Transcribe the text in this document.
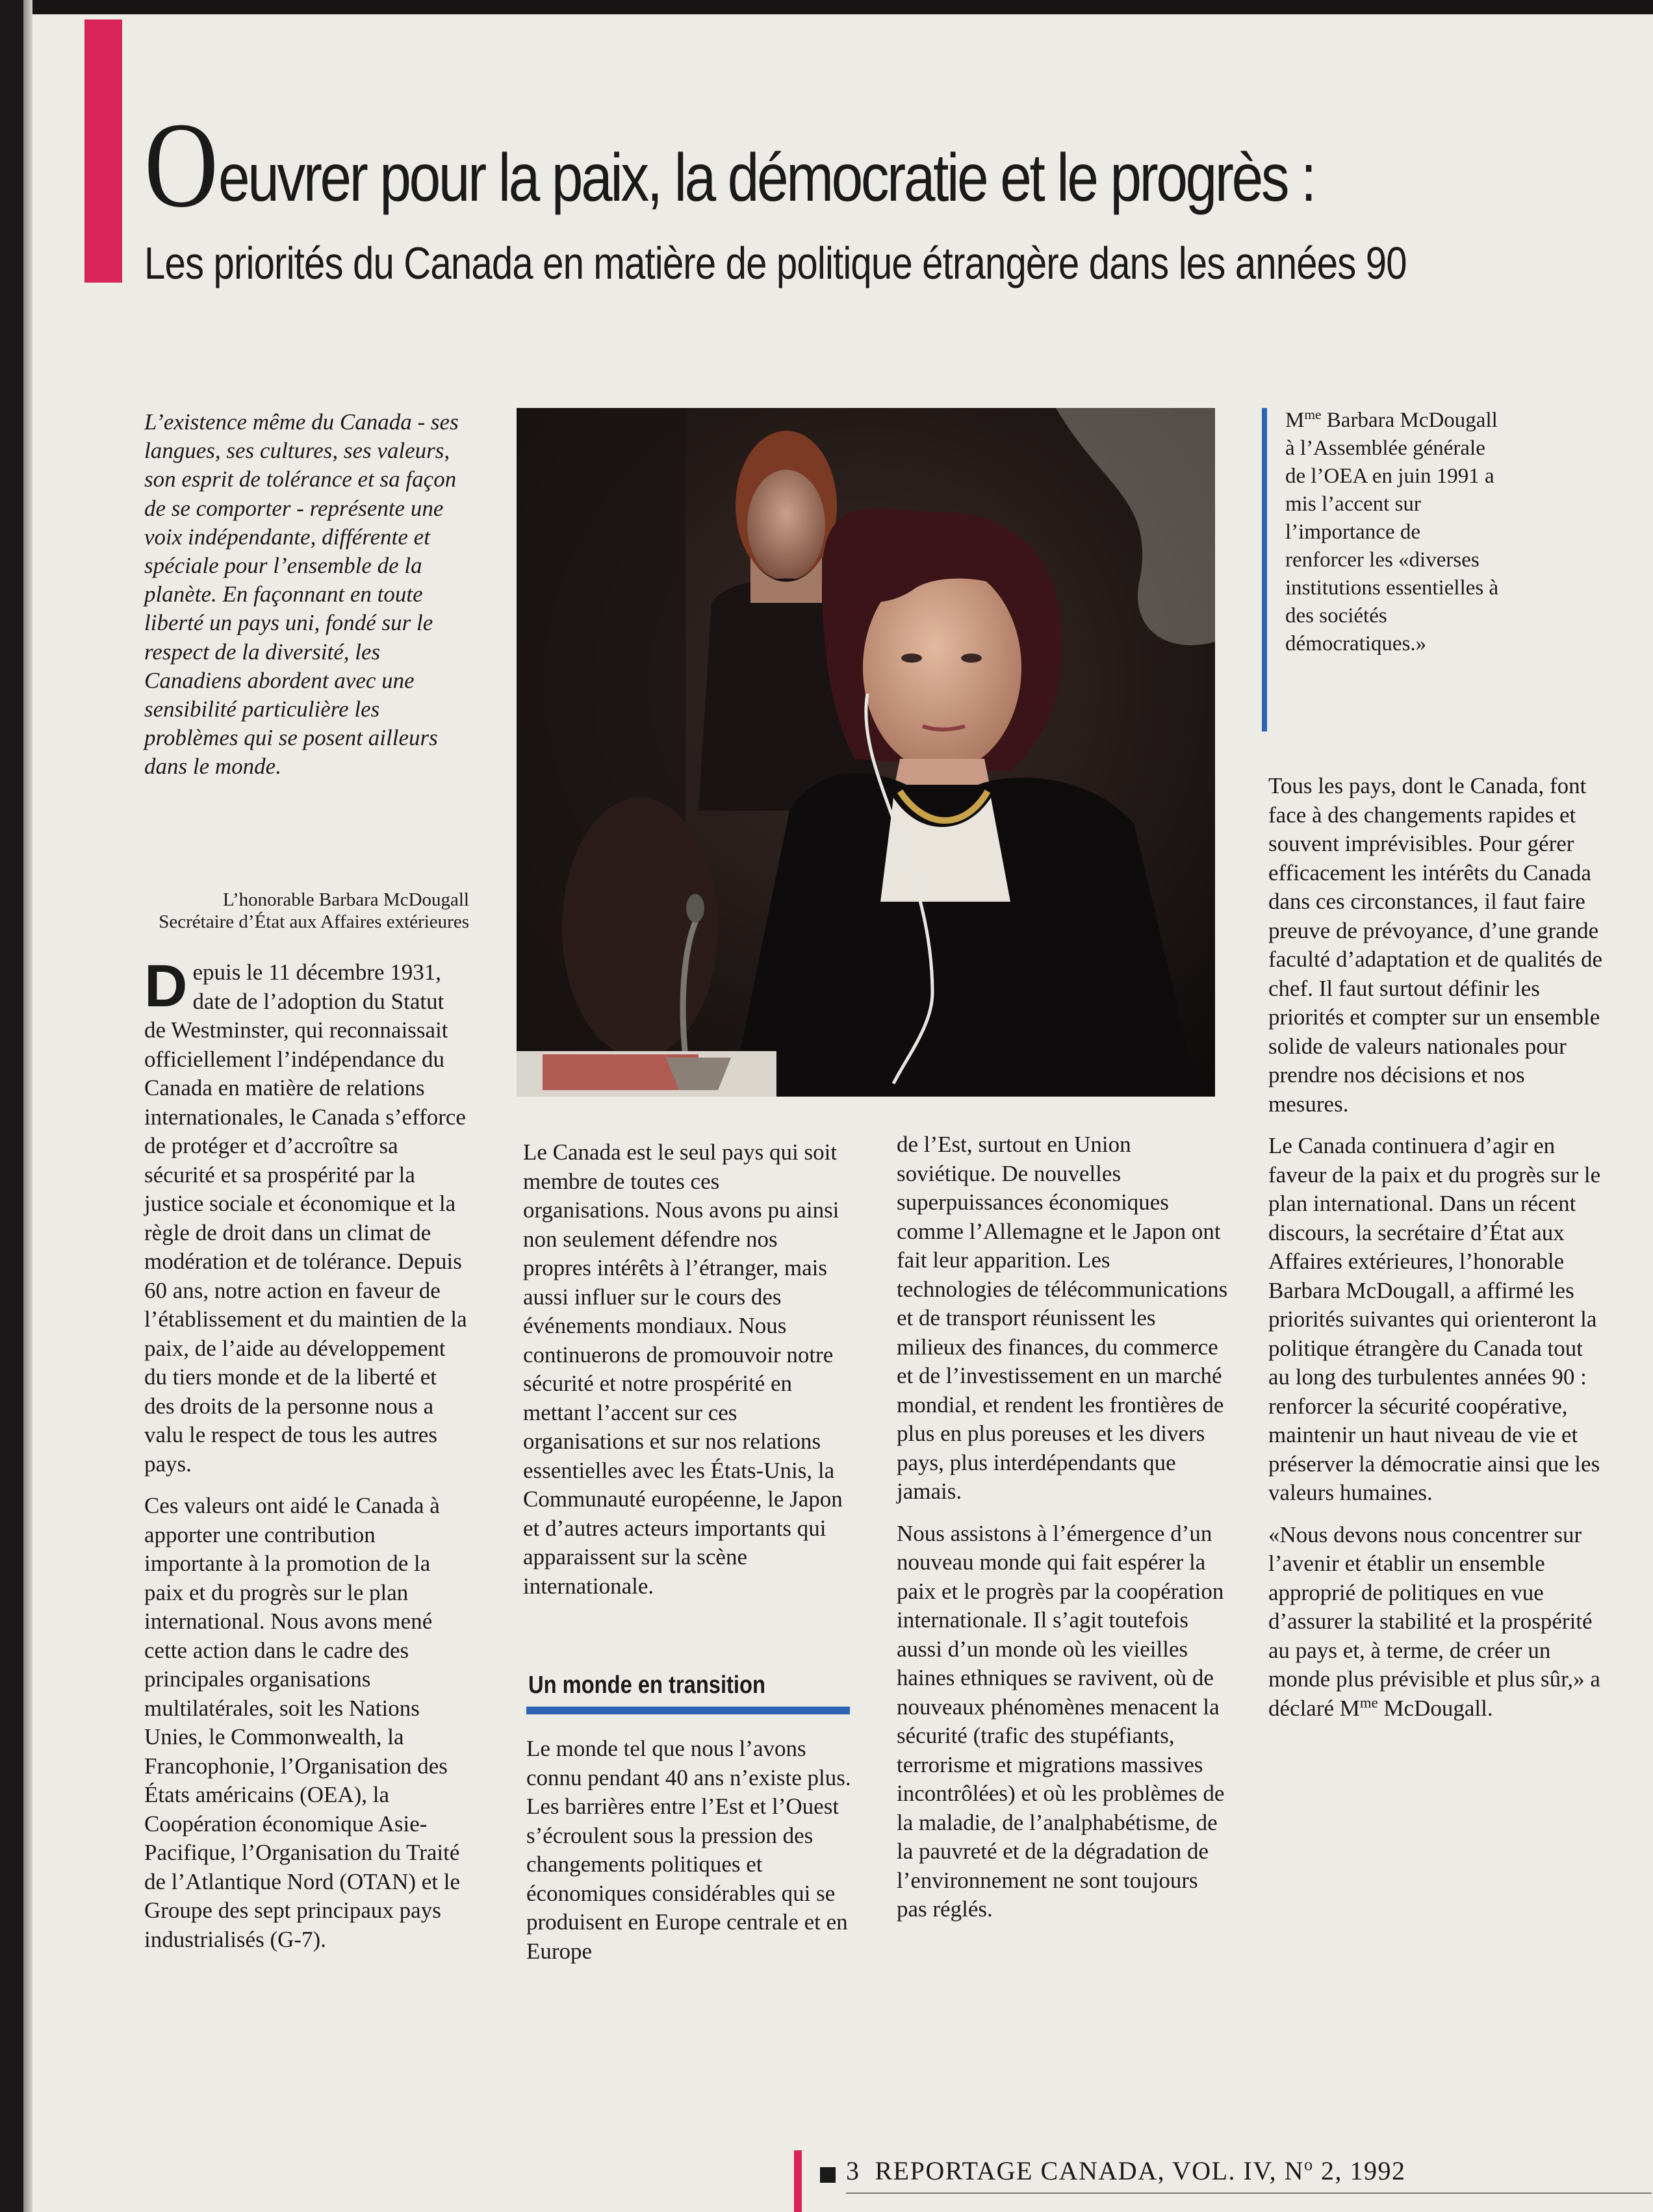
Oeuvrer pour la paix, la démocratie et le progrès :
Les priorités du Canada en matière de politique étrangère dans les années 90
L’existence même du Canada - ses langues, ses cultures, ses valeurs, son esprit de tolérance et sa façon de se comporter - représente une voix indépendante, différente et spéciale pour l’ensemble de la planète. En façonnant en toute liberté un pays uni, fondé sur le respect de la diversité, les Canadiens abordent avec une sensibilité particulière les problèmes qui se posent ailleurs dans le monde.
L’honorable Barbara McDougall
Secrétaire d’État aux Affaires extérieures

Depuis le 11 décembre 1931, date de l’adoption du Statut de Westminster, qui reconnaissait officiellement l’indépendance du Canada en matière de relations internationales, le Canada s’efforce de protéger et d’accroître sa sécurité et sa prospérité par la justice sociale et économique et la règle de droit dans un climat de modération et de tolérance. Depuis 60 ans, notre action en faveur de l’établissement et du maintien de la paix, de l’aide au développement du tiers monde et de la liberté et des droits de la personne nous a valu le respect de tous les autres pays.

Ces valeurs ont aidé le Canada à apporter une contribution importante à la promotion de la paix et du progrès sur le plan international. Nous avons mené cette action dans le cadre des principales organisations multilatérales, soit les Nations Unies, le Commonwealth, la Francophonie, l’Organisation des États américains (OEA), la Coopération économique Asie-Pacifique, l’Organisation du Traité de l’Atlantique Nord (OTAN) et le Groupe des sept principaux pays industrialisés (G-7).

$M^{me}$ Barbara McDougall à l’Assemblée générale de l’OEA en juin 1991 a mis l’accent sur l’importance de renforcer les «diverses institutions essentielles à des sociétés démocratiques.»

Le Canada est le seul pays qui soit membre de toutes ces organisations. Nous avons pu ainsi non seulement défendre nos propres intérêts à l’étranger, mais aussi influer sur le cours des événements mondiaux. Nous continuerons de promouvoir notre sécurité et notre prospérité en mettant l’accent sur ces organisations et sur nos relations essentielles avec les États-Unis, la Communauté européenne, le Japon et d’autres acteurs importants qui apparaissent sur la scène internationale.

Un monde en transition

Le monde tel que nous l’avons connu pendant 40 ans n’existe plus. Les barrières entre l’Est et l’Ouest s’écroulent sous la pression des changements politiques et économiques considérables qui se produisent en Europe centrale et en Europe

de l’Est, surtout en Union soviétique. De nouvelles superpuissances économiques comme l’Allemagne et le Japon ont fait leur apparition. Les technologies de télécommunications et de transport réunissent les milieux des finances, du commerce et de l’investissement en un marché mondial, et rendent les frontières de plus en plus poreuses et les divers pays, plus interdépendants que jamais.

Nous assistons à l’émergence d’un nouveau monde qui fait espérer la paix et le progrès par la coopération internationale. Il s’agit toutefois aussi d’un monde où les vieilles haines ethniques se ravivent, où de nouveaux phénomènes menacent la sécurité (trafic des stupéfiants, terrorisme et migrations massives incontrôlées) et où les problèmes de la maladie, de l’analphabétisme, de la pauvreté et de la dégradation de l’environnement ne sont toujours pas réglés.

Tous les pays, dont le Canada, font face à des changements rapides et souvent imprévisibles. Pour gérer efficacement les intérêts du Canada dans ces circonstances, il faut faire preuve de prévoyance, d’une grande faculté d’adaptation et de qualités de chef. Il faut surtout définir les priorités et compter sur un ensemble solide de valeurs nationales pour prendre nos décisions et nos mesures.

Le Canada continuera d’agir en faveur de la paix et du progrès sur le plan international. Dans un récent discours, la secrétaire d’État aux Affaires extérieures, l’honorable Barbara McDougall, a affirmé les priorités suivantes qui orienteront la politique étrangère du Canada tout au long des turbulentes années 90 : renforcer la sécurité coopérative, maintenir un haut niveau de vie et préserver la démocratie ainsi que les valeurs humaines.

«Nous devons nous concentrer sur l’avenir et établir un ensemble approprié de politiques en vue d’assurer la stabilité et la prospérité au pays et, à terme, de créer un monde plus prévisible et plus sûr,» a déclaré $M^{me}$ McDougall.

3 REPORTAGE CANADA, VOL. IV, $N^o$ 2, 1992
